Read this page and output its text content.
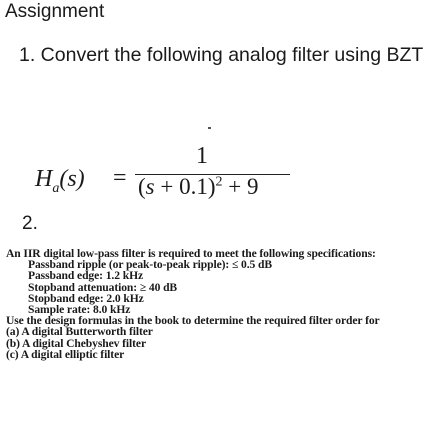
Assignment
1. Convert the following analog filter using BZT
$H_a(s)$ =
1
$(s + 0.1)^2 + 9$
2.
An IIR digital low-pass filter is required to meet the following specifications:
Passband ripple (or peak-to-peak ripple): ≤ 0.5 dB
Passband edge: 1.2 kHz
Stopband attenuation: ≥ 40 dB
Stopband edge: 2.0 kHz
Sample rate: 8.0 kHz
Use the design formulas in the book to determine the required filter order for
(a) A digital Butterworth filter
(b) A digital Chebyshev filter
(c) A digital elliptic filter
